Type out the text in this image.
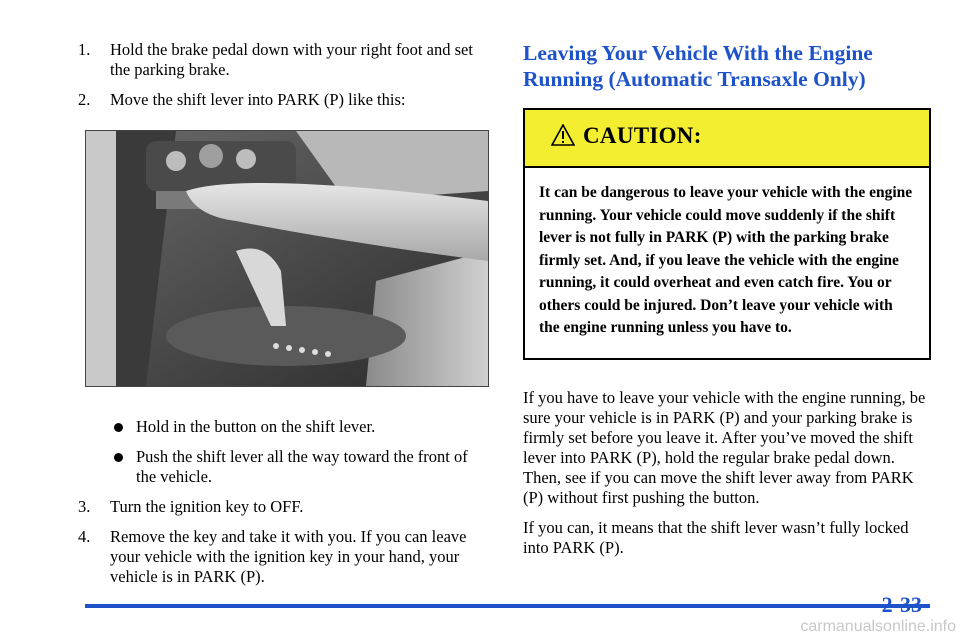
1. Hold the brake pedal down with your right foot and set the parking brake.
2. Move the shift lever into PARK (P) like this:
Hold in the button on the shift lever.
Push the shift lever all the way toward the front of the vehicle.
3. Turn the ignition key to OFF.
4. Remove the key and take it with you. If you can leave your vehicle with the ignition key in your hand, your vehicle is in PARK (P).
Leaving Your Vehicle With the Engine Running (Automatic Transaxle Only)
CAUTION:
It can be dangerous to leave your vehicle with the engine running. Your vehicle could move suddenly if the shift lever is not fully in PARK (P) with the parking brake firmly set. And, if you leave the vehicle with the engine running, it could overheat and even catch fire. You or others could be injured. Don’t leave your vehicle with the engine running unless you have to.
If you have to leave your vehicle with the engine running, be sure your vehicle is in PARK (P) and your parking brake is firmly set before you leave it. After you’ve moved the shift lever into PARK (P), hold the regular brake pedal down. Then, see if you can move the shift lever away from PARK (P) without first pushing the button.
If you can, it means that the shift lever wasn’t fully locked into PARK (P).
2-33
carmanualsonline.info
